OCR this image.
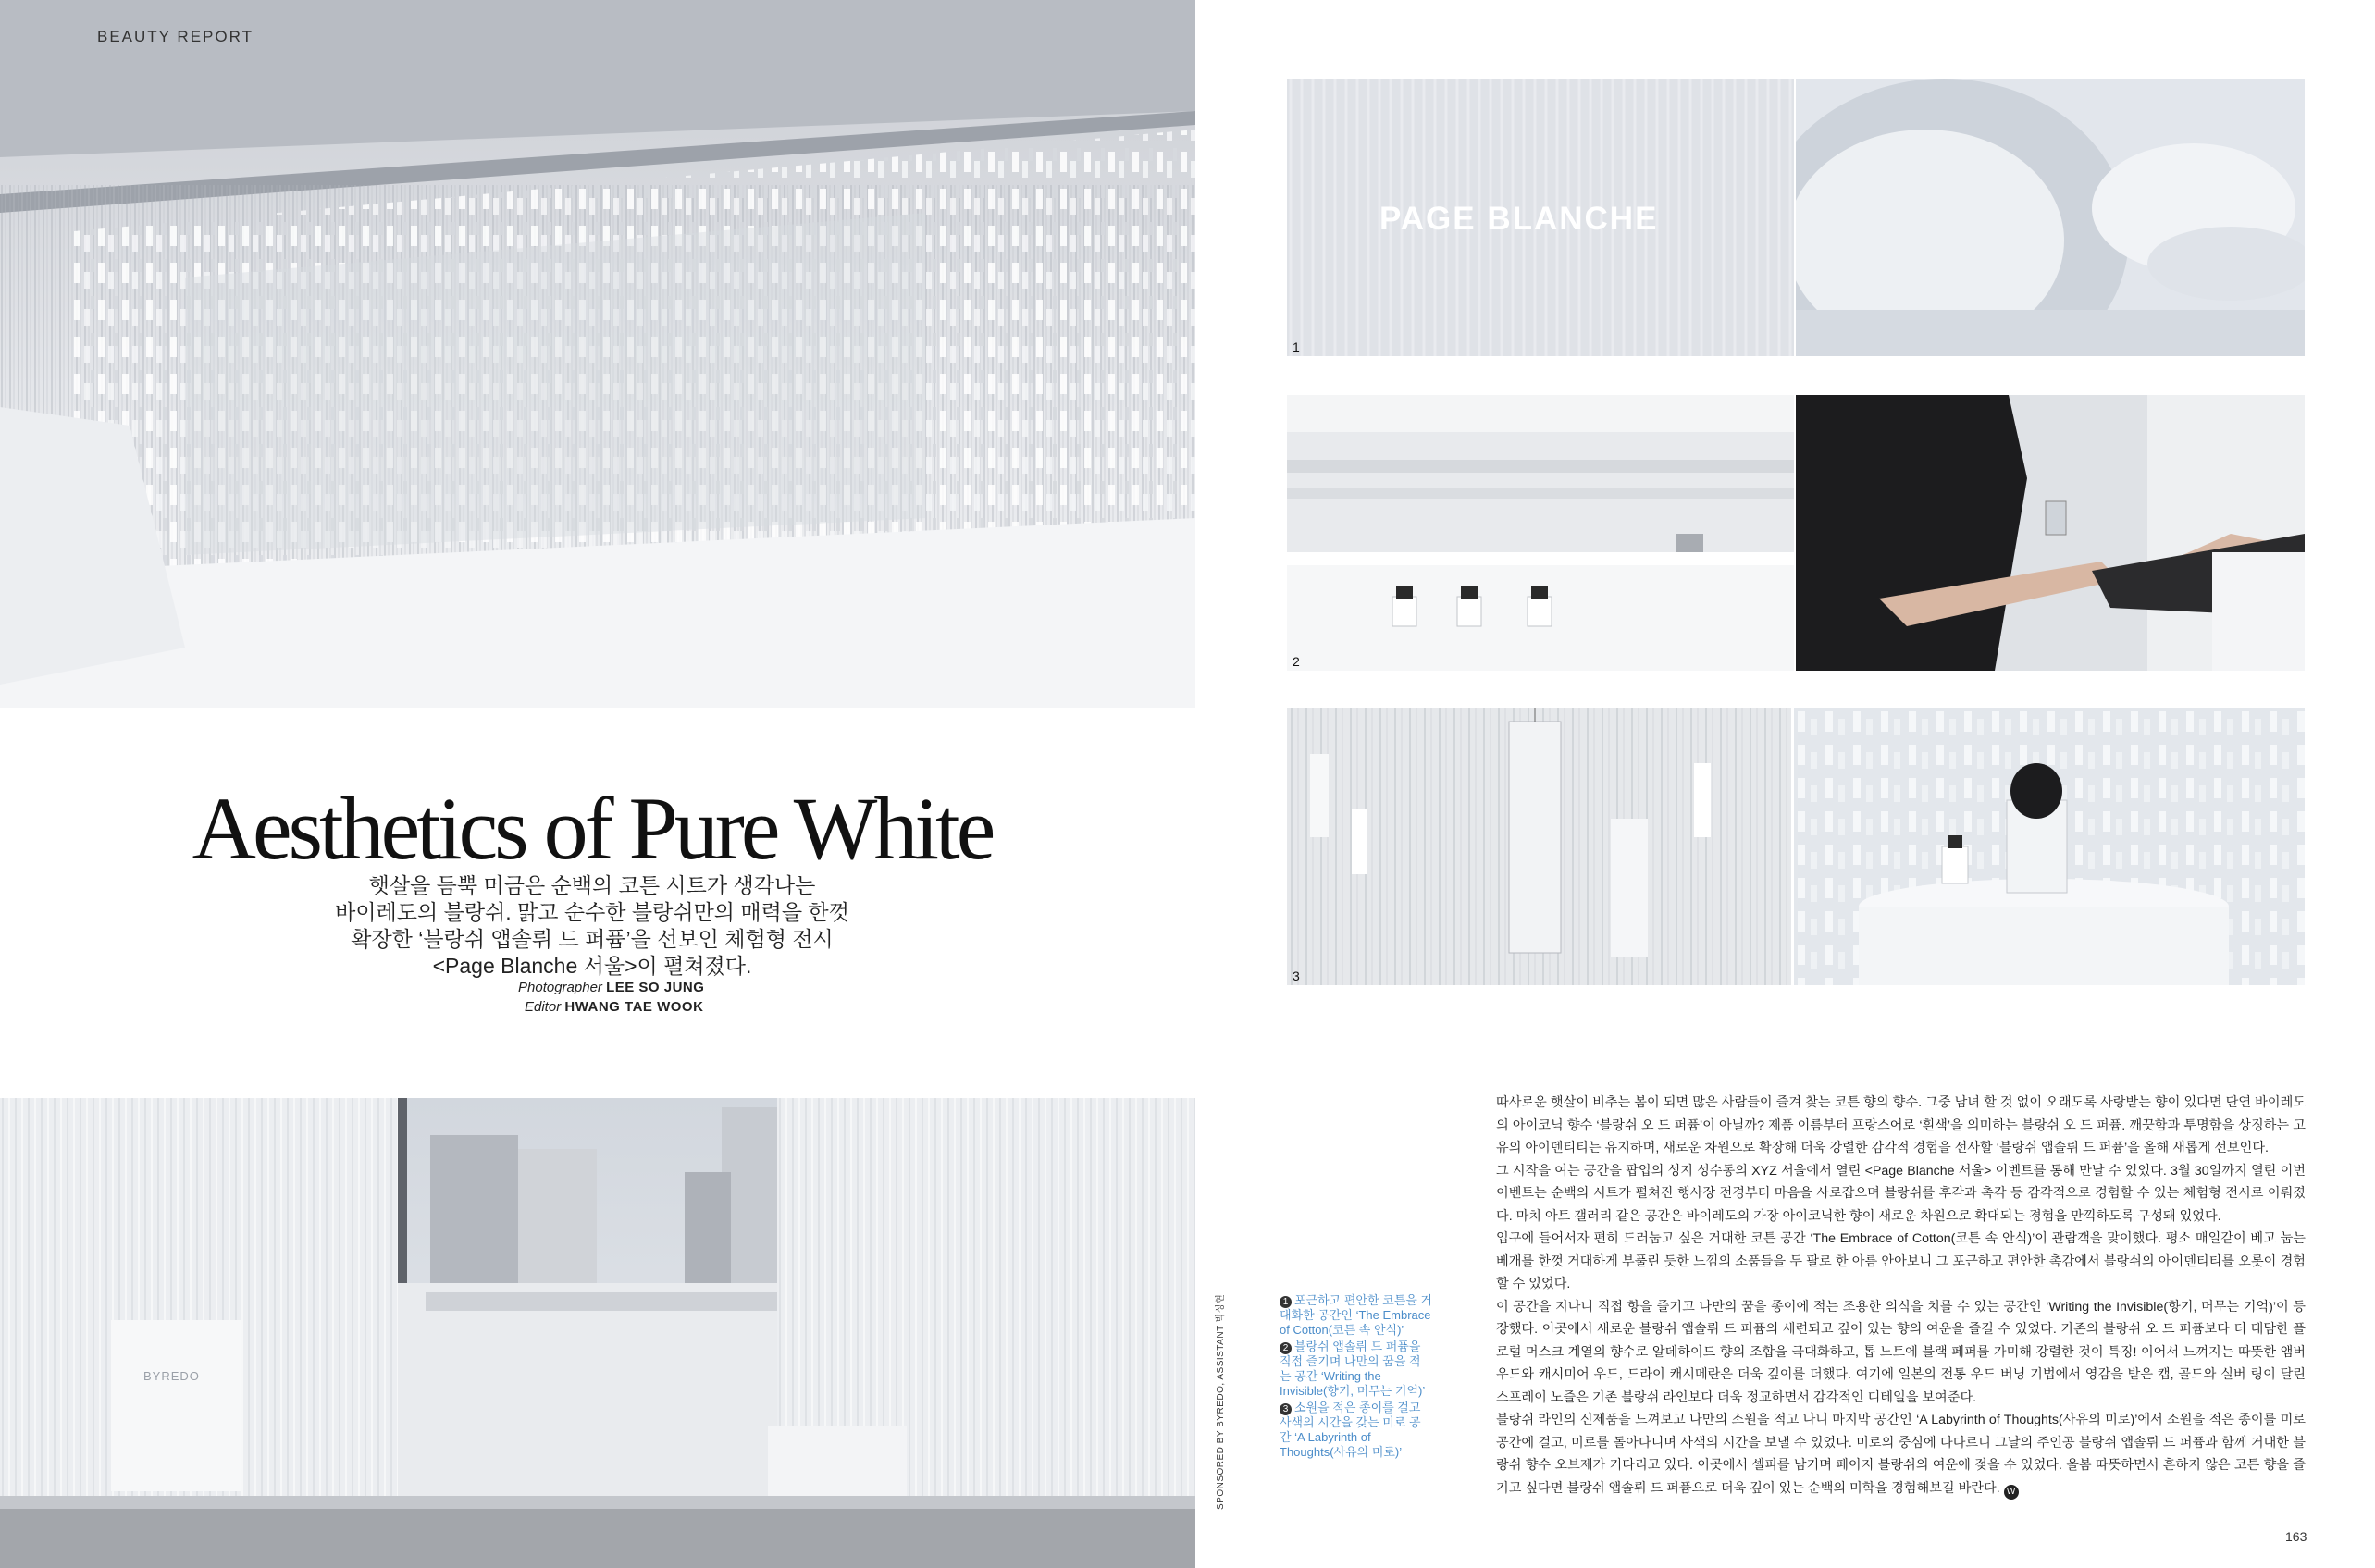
BEAUTY REPORT
Aesthetics of Pure White
햇살을 듬뿍 머금은 순백의 코튼 시트가 생각나는
바이레도의 블랑쉬. 맑고 순수한 블랑쉬만의 매력을 한껏
확장한 ‘블랑쉬 앱솔뤼 드 퍼퓸’을 선보인 체험형 전시
<Page Blanche 서울>이 펼쳐졌다.
Photographer LEE SO JUNG
Editor HWANG TAE WOOK
BYREDO	SPONSORED BY BYREDO, ASSISTANT 박성현	1 포근하고 편안한 코튼을 거대화한 공간인 ‘The Embrace of Cotton(코튼 속 안식)’
2 블랑쉬 앱솔뤼 드 퍼퓸을 직접 즐기며 나만의 꿈을 적는 공간 ‘Writing the Invisible(향기, 머무는 기억)’
3 소원을 적은 종이를 걸고 사색의 시간을 갖는 미로 공간 ‘A Labyrinth of Thoughts(사유의 미로)’
PAGE BLANCHE
1
2
3

따사로운 햇살이 비추는 봄이 되면 많은 사람들이 즐겨 찾는 코튼 향의 향수. 그중 남녀 할 것 없이 오래도록 사랑받는 향이 있다면 단연 바이레도의 아이코닉 향수 ‘블랑쉬 오 드 퍼퓸’이 아닐까? 제품 이름부터 프랑스어로 ‘흰색’을 의미하는 블랑쉬 오 드 퍼퓸. 깨끗함과 투명함을 상징하는 고유의 아이덴티티는 유지하며, 새로운 차원으로 확장해 더욱 강렬한 감각적 경험을 선사할 ‘블랑쉬 앱솔뤼 드 퍼퓸’을 올해 새롭게 선보인다.

그 시작을 여는 공간을 팝업의 성지 성수동의 XYZ 서울에서 열린 <Page Blanche 서울> 이벤트를 통해 만날 수 있었다. 3월 30일까지 열린 이번 이벤트는 순백의 시트가 펼쳐진 행사장 전경부터 마음을 사로잡으며 블랑쉬를 후각과 촉각 등 감각적으로 경험할 수 있는 체험형 전시로 이뤄졌다. 마치 아트 갤러리 같은 공간은 바이레도의 가장 아이코닉한 향이 새로운 차원으로 확대되는 경험을 만끽하도록 구성돼 있었다.

입구에 들어서자 편히 드러눕고 싶은 거대한 코튼 공간 ‘The Embrace of Cotton(코튼 속 안식)’이 관람객을 맞이했다. 평소 매일같이 베고 눕는 베개를 한껏 거대하게 부풀린 듯한 느낌의 소품들을 두 팔로 한 아름 안아보니 그 포근하고 편안한 촉감에서 블랑쉬의 아이덴티티를 오롯이 경험할 수 있었다.

이 공간을 지나니 직접 향을 즐기고 나만의 꿈을 종이에 적는 조용한 의식을 치를 수 있는 공간인 ‘Writing the Invisible(향기, 머무는 기억)’이 등장했다. 이곳에서 새로운 블랑쉬 앱솔뤼 드 퍼퓸의 세련되고 깊이 있는 향의 여운을 즐길 수 있었다. 기존의 블랑쉬 오 드 퍼퓸보다 더 대담한 플로럴 머스크 계열의 향수로 알데하이드 향의 조합을 극대화하고, 톱 노트에 블랙 페퍼를 가미해 강렬한 것이 특징! 이어서 느껴지는 따뜻한 앰버 우드와 캐시미어 우드, 드라이 캐시메란은 더욱 깊이를 더했다. 여기에 일본의 전통 우드 버닝 기법에서 영감을 받은 캡, 골드와 실버 링이 달린 스프레이 노즐은 기존 블랑쉬 라인보다 더욱 정교하면서 감각적인 디테일을 보여준다.

블랑쉬 라인의 신제품을 느껴보고 나만의 소원을 적고 나니 마지막 공간인 ‘A Labyrinth of Thoughts(사유의 미로)’에서 소원을 적은 종이를 미로 공간에 걸고, 미로를 돌아다니며 사색의 시간을 보낼 수 있었다. 미로의 중심에 다다르니 그날의 주인공 블랑쉬 앱솔뤼 드 퍼퓸과 함께 거대한 블랑쉬 향수 오브제가 기다리고 있다. 이곳에서 셀피를 남기며 페이지 블랑쉬의 여운에 젖을 수 있었다. 올봄 따뜻하면서 흔하지 않은 코튼 향을 즐기고 싶다면 블랑쉬 앱솔뤼 드 퍼퓸으로 더욱 깊이 있는 순백의 미학을 경험해보길 바란다. W

163
